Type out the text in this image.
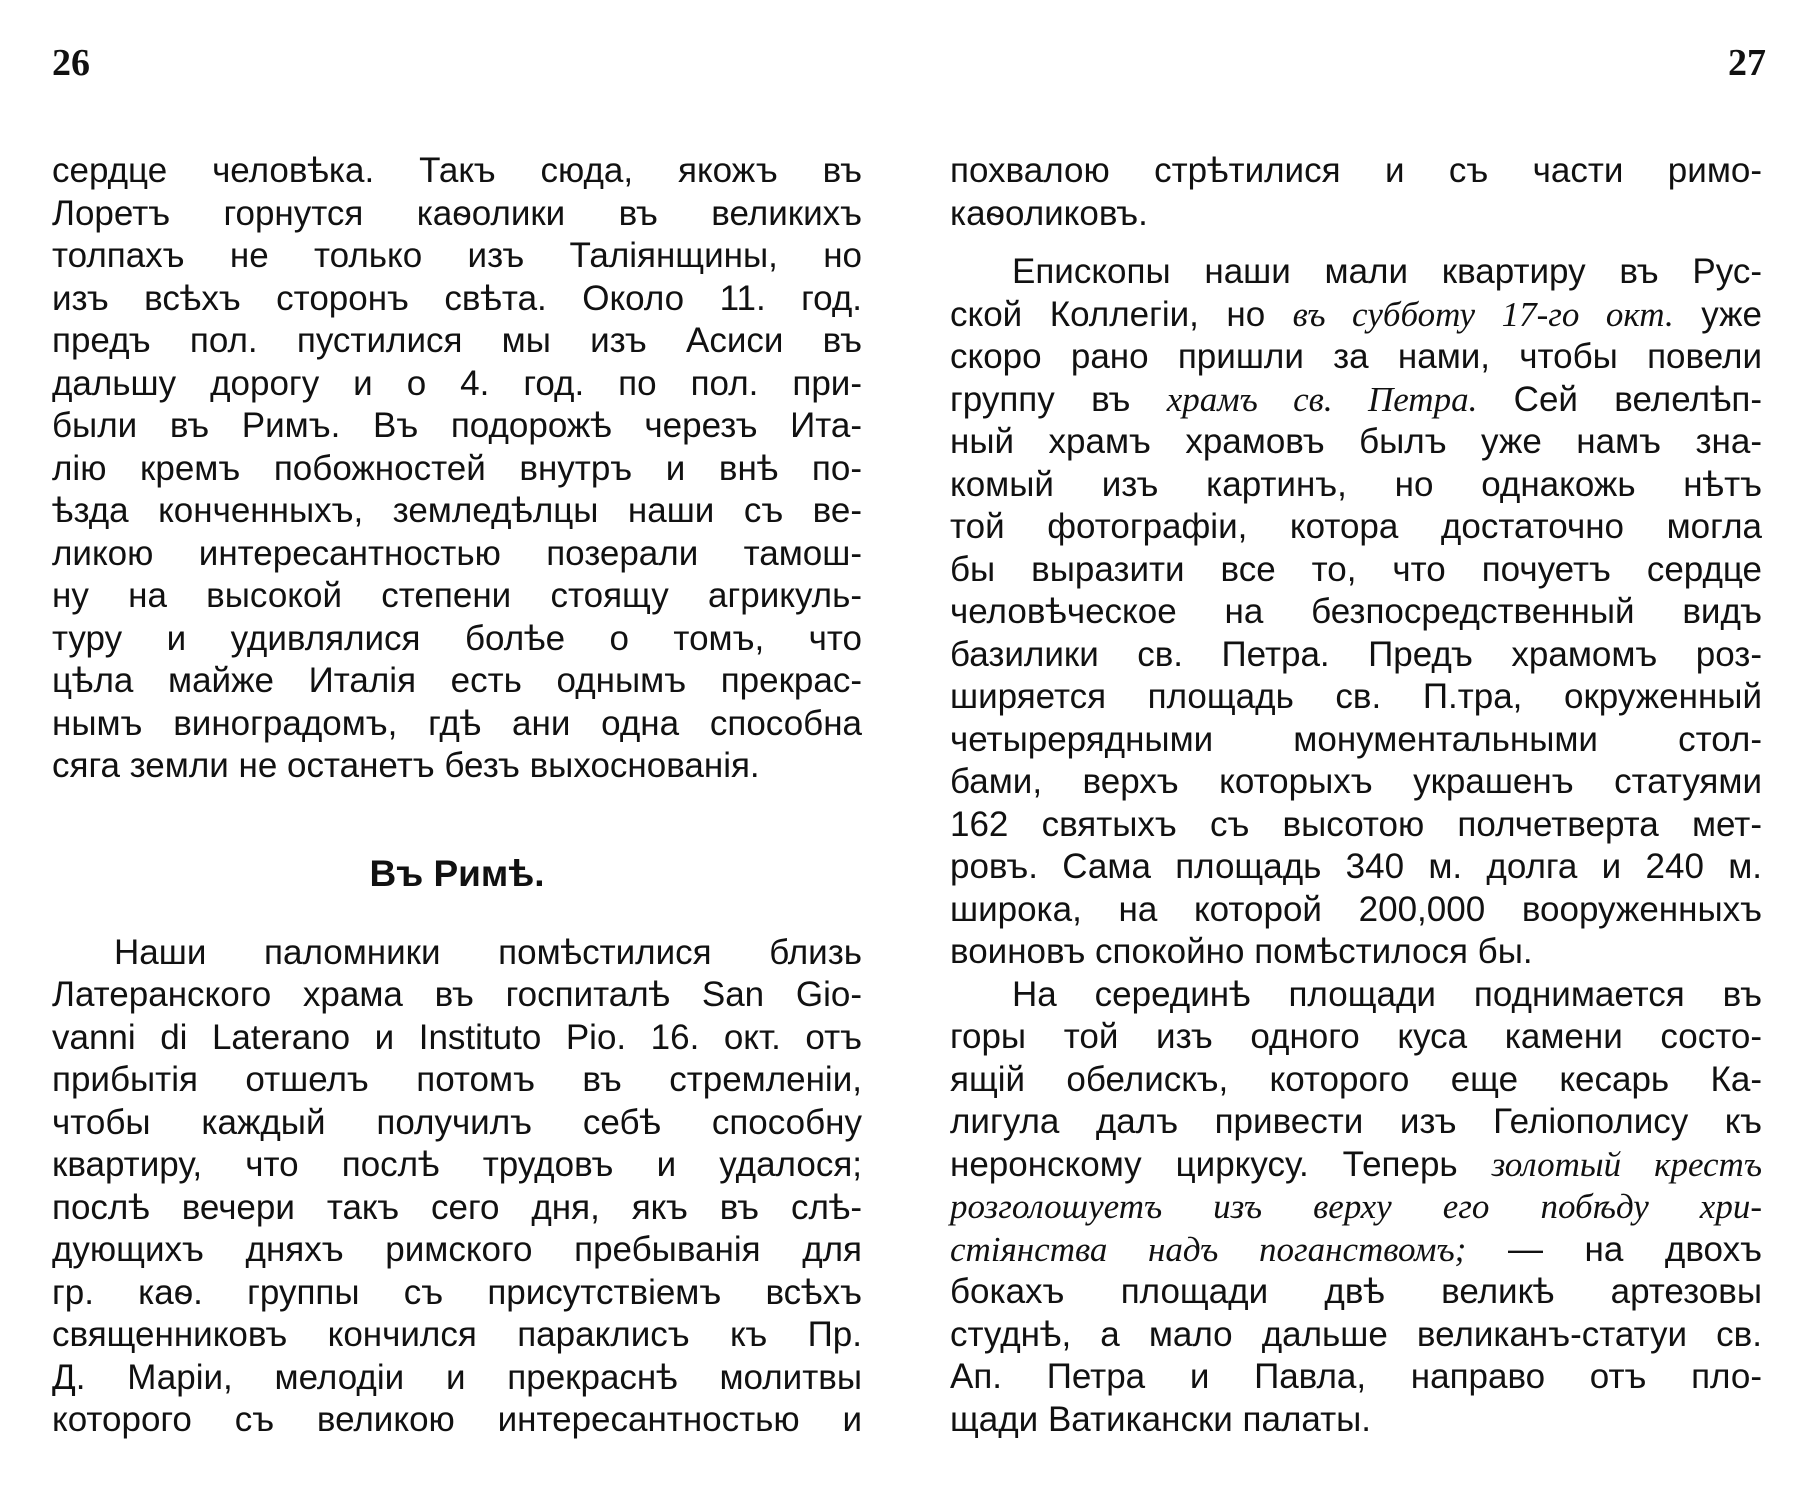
26
сердце человѣка. Такъ сюда, якожъ въ
Лоретъ горнутся каѳолики въ великихъ
толпахъ не только изъ Таліянщины, но
изъ всѣхъ сторонъ свѣта. Около 11. год.
предъ пол. пустилися мы изъ Асиси въ
дальшу дорогу и о 4. год. по пол. при-
были въ Римъ. Въ подорожѣ черезъ Ита-
лію кремъ побожностей внутръ и внѣ по-
ѣзда конченныхъ, земледѣлцы наши съ ве-
ликою интересантностью позерали тамош-
ну на высокой степени стоящу агрикуль-
туру и удивлялися болѣе о томъ, что
цѣла майже Италія есть однымъ прекрас-
нымъ виноградомъ, гдѣ ани одна способна
сяга земли не останетъ безъ выхоснованія.
Въ Римѣ.
Наши паломники помѣстилися близь
Латеранского храма въ госпиталѣ San Gio-
vanni di Laterano и Instituto Pio. 16. окт. отъ
прибытія отшелъ потомъ въ стремленіи,
чтобы каждый получилъ себѣ способну
квартиру, что послѣ трудовъ и удалося;
послѣ вечери такъ сего дня, якъ въ слѣ-
дующихъ дняхъ римского пребыванія для
гр. каѳ. группы съ присутствіемъ всѣхъ
священниковъ кончился параклисъ къ Пр.
Д. Маріи, мелодіи и прекраснѣ молитвы
которого съ великою интересантностью и
27
похвалою стрѣтилися и съ части римо-
каѳоликовъ.
Епископы наши мали квартиру въ Рус-
ской Коллегіи, но въ субботу 17-го окт. уже
скоро рано пришли за нами, чтобы повели
группу въ храмъ св. Петра. Сей велелѣп-
ный храмъ храмовъ былъ уже намъ зна-
комый изъ картинъ, но однакожь нѣтъ
той фотографіи, котора достаточно могла
бы выразити все то, что почуетъ сердце
человѣческое на безпосредственный видъ
базилики св. Петра. Предъ храмомъ роз-
ширяется площадь св. П.тра, окруженный
четырерядными монументальными стол-
бами, верхъ которыхъ украшенъ статуями
162 святыхъ съ высотою полчетверта мет-
ровъ. Сама площадь 340 м. долга и 240 м.
широка, на которой 200,000 вооруженныхъ
воиновъ спокойно помѣстилося бы.
На серединѣ площади поднимается въ
горы той изъ одного куса камени состо-
ящій обелискъ, которого еще кесарь Ка-
лигула далъ привести изъ Геліополису къ
неронскому циркусу. Теперь золотый крестъ
розголошуетъ изъ верху его побѣду хри-
стіянства надъ поганствомъ; — на двохъ
бокахъ площади двѣ великѣ артезовы
студнѣ, а мало дальше великанъ-статуи св.
Ап. Петра и Павла, направо отъ пло-
щади Ватикански палаты.
